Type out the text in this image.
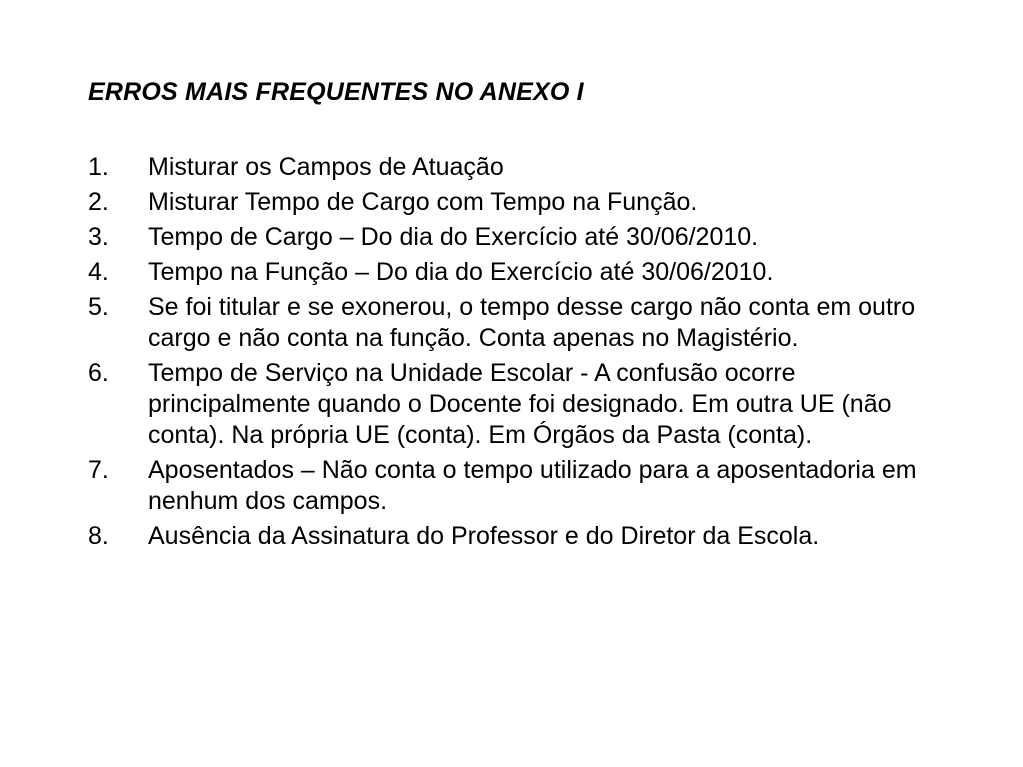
ERROS MAIS FREQUENTES NO ANEXO I
1.	Misturar os Campos de Atuação
2.	Misturar Tempo de Cargo com Tempo na Função.
3.	Tempo de Cargo – Do dia do Exercício até 30/06/2010.
4.	Tempo na Função – Do dia do Exercício até 30/06/2010.
5.	Se foi titular e se exonerou, o tempo desse cargo não conta em outro cargo e não conta na função. Conta apenas no Magistério.
6.	Tempo de Serviço na Unidade Escolar - A confusão ocorre principalmente quando o Docente foi designado. Em outra UE (não conta). Na própria UE (conta). Em Órgãos da Pasta (conta).
7.	Aposentados – Não conta o tempo utilizado para a aposentadoria em nenhum dos campos.
8.	Ausência da Assinatura do Professor e do Diretor da Escola.
